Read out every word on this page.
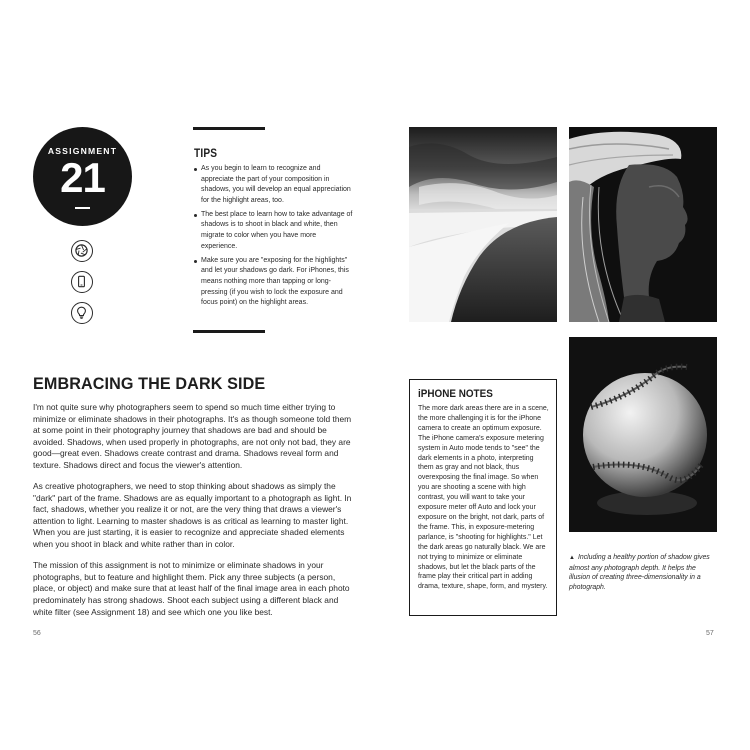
ASSIGNMENT
21	TIPS
As you begin to learn to recognize and appreciate the part of your composition in shadows, you will develop an equal appreciation for the highlight areas, too.
The best place to learn how to take advantage of shadows is to shoot in black and white, then migrate to color when you have more experience.
Make sure you are "exposing for the highlights" and let your shadows go dark. For iPhones, this means nothing more than tapping or long-pressing (if you wish to lock the exposure and focus point) on the highlight areas.
EMBRACING THE DARK SIDE

I'm not quite sure why photographers seem to spend so much time either trying to minimize or eliminate shadows in their photographs. It's as though someone told them at some point in their photography journey that shadows are bad and should be avoided. Shadows, when used properly in photographs, are not only not bad, they are good—great even. Shadows create contrast and drama. Shadows reveal form and texture. Shadows direct and focus the viewer's attention.

As creative photographers, we need to stop thinking about shadows as simply the "dark" part of the frame. Shadows are as equally important to a photograph as light. In fact, shadows, whether you realize it or not, are the very thing that draws a viewer's attention to light. Learning to master shadows is as critical as learning to master light. When you are just starting, it is easier to recognize and appreciate shaded elements when you shoot in black and white rather than in color.

The mission of this assignment is not to minimize or eliminate shadows in your photographs, but to feature and highlight them. Pick any three subjects (a person, place, or object) and make sure that at least half of the final image area in each photo predominately has strong shadows. Shoot each subject using a different black and white filter (see Assignment 18) and see which one you like best.

56	57
iPHONE NOTES
The more dark areas there are in a scene, the more challenging it is for the iPhone camera to create an optimum exposure. The iPhone camera's exposure metering system in Auto mode tends to "see" the dark elements in a photo, interpreting them as gray and not black, thus overexposing the final image. So when you are shooting a scene with high contrast, you will want to take your exposure meter off Auto and lock your exposure on the bright, not dark, parts of the frame. This, in exposure-metering parlance, is "shooting for highlights." Let the dark areas go naturally black. We are not trying to minimize or eliminate shadows, but let the black parts of the frame play their critical part in adding drama, texture, shape, form, and mystery.
▲ Including a healthy portion of shadow gives almost any photograph depth. It helps the illusion of creating three-dimensionality in a photograph.
